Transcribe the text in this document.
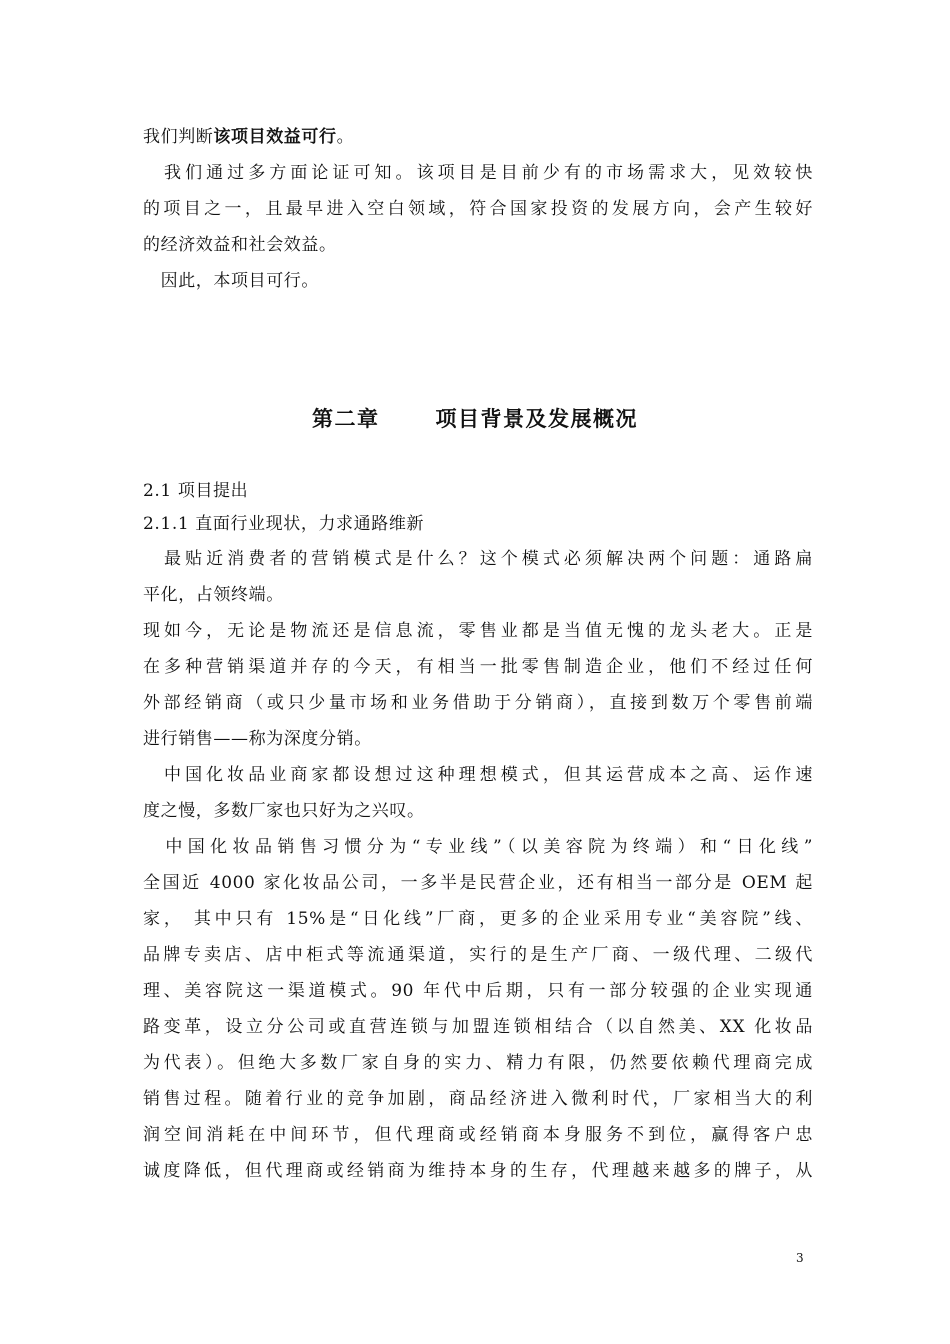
我们判断该项目效益可行。
　我们通过多方面论证可知。该项目是目前少有的市场需求大，见效较快
的项目之一，且最早进入空白领域，符合国家投资的发展方向，会产生较好
的经济效益和社会效益。
　因此，本项目可行。
第二章	项目背景及发展概况
2.1 项目提出
2.1.1 直面行业现状，力求通路维新
　最贴近消费者的营销模式是什么？这个模式必须解决两个问题：通路扁
平化，占领终端。
现如今，无论是物流还是信息流，零售业都是当值无愧的龙头老大。正是
在多种营销渠道并存的今天，有相当一批零售制造企业，他们不经过任何
外部经销商（或只少量市场和业务借助于分销商），直接到数万个零售前端
进行销售——称为深度分销。
　中国化妆品业商家都设想过这种理想模式，但其运营成本之高、运作速
度之慢，多数厂家也只好为之兴叹。
　中国化妆品销售习惯分为“专业线”（以美容院为终端）和“日化线”
全国近 4000 家化妆品公司，一多半是民营企业，还有相当一部分是 OEM 起
家， 其中只有 15%是“日化线”厂商，更多的企业采用专业“美容院”线、
品牌专卖店、店中柜式等流通渠道，实行的是生产厂商、一级代理、二级代
理、美容院这一渠道模式。90 年代中后期，只有一部分较强的企业实现通
路变革，设立分公司或直营连锁与加盟连锁相结合（以自然美、XX 化妆品
为代表）。但绝大多数厂家自身的实力、精力有限，仍然要依赖代理商完成
销售过程。随着行业的竞争加剧，商品经济进入微利时代，厂家相当大的利
润空间消耗在中间环节，但代理商或经销商本身服务不到位，赢得客户忠
诚度降低，但代理商或经销商为维持本身的生存，代理越来越多的牌子，从
3
